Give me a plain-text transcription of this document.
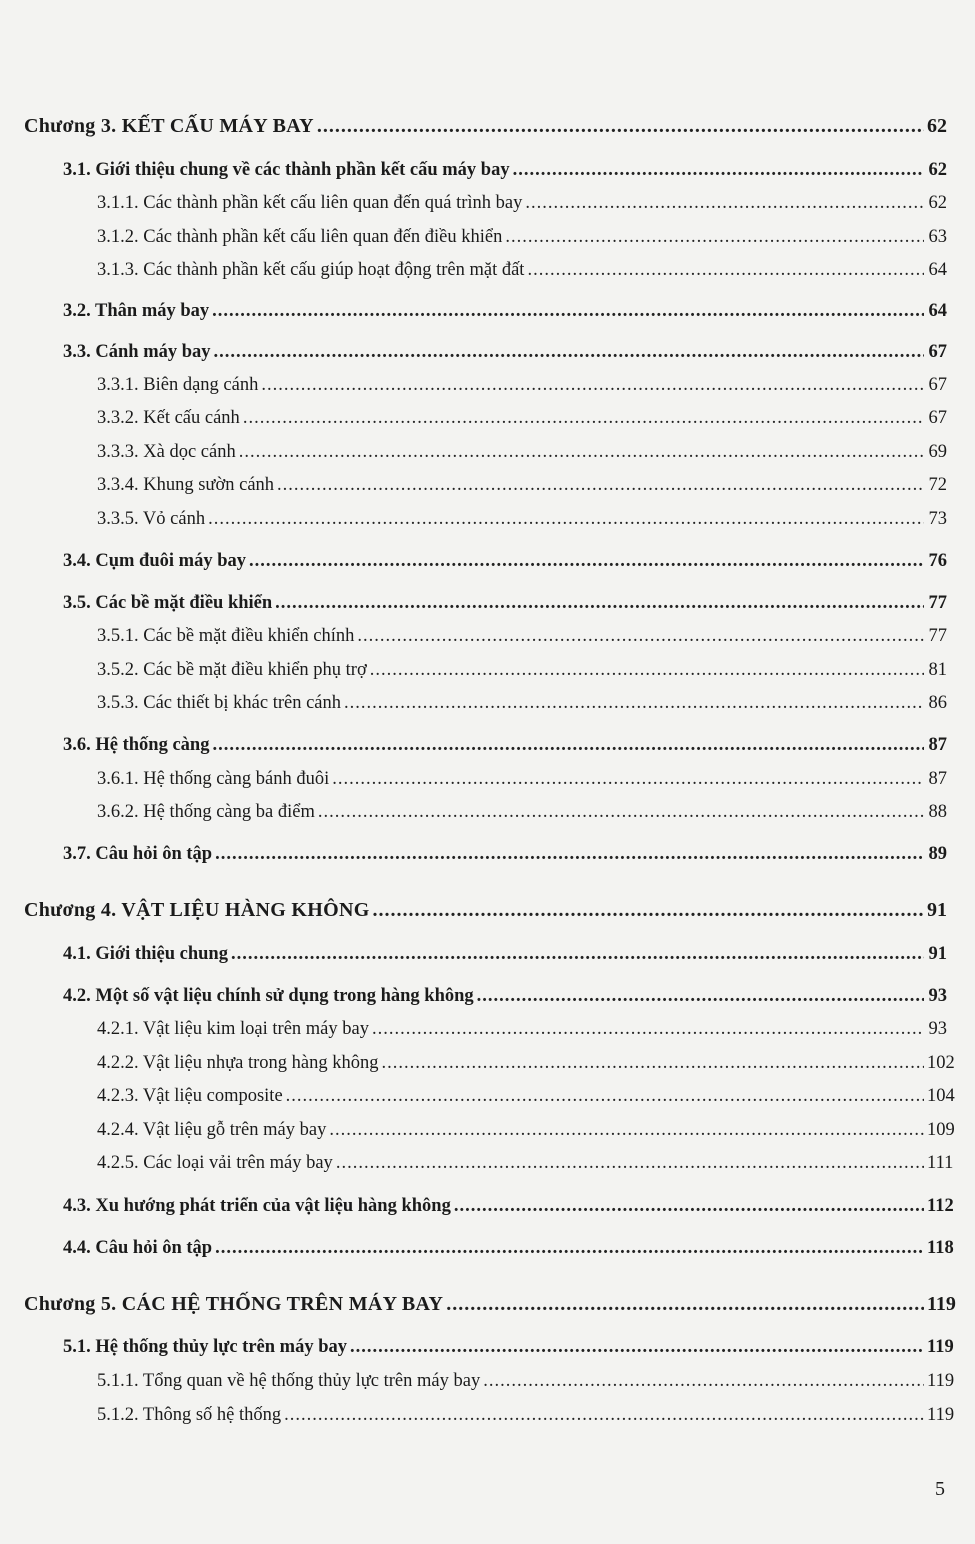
Chương 3. KẾT CẤU MÁY BAY .....	62
3.1. Giới thiệu chung về các thành phần kết cấu máy bay .....	62
3.1.1. Các thành phần kết cấu liên quan đến quá trình bay .....	62
3.1.2. Các thành phần kết cấu liên quan đến điều khiển .....	63
3.1.3. Các thành phần kết cấu giúp hoạt động trên mặt đất .....	64
3.2. Thân máy bay .....	64
3.3. Cánh máy bay .....	67
3.3.1. Biên dạng cánh .....	67
3.3.2. Kết cấu cánh .....	67
3.3.3. Xà dọc cánh .....	69
3.3.4. Khung sườn cánh .....	72
3.3.5. Vỏ cánh .....	73
3.4. Cụm đuôi máy bay .....	76
3.5. Các bề mặt điều khiển .....	77
3.5.1. Các bề mặt điều khiển chính .....	77
3.5.2. Các bề mặt điều khiển phụ trợ .....	81
3.5.3. Các thiết bị khác trên cánh .....	86
3.6. Hệ thống càng .....	87
3.6.1. Hệ thống càng bánh đuôi .....	87
3.6.2. Hệ thống càng ba điểm .....	88
3.7. Câu hỏi ôn tập .....	89
Chương 4. VẬT LIỆU HÀNG KHÔNG .....	91
4.1. Giới thiệu chung .....	91
4.2. Một số vật liệu chính sử dụng trong hàng không .....	93
4.2.1. Vật liệu kim loại trên máy bay .....	93
4.2.2. Vật liệu nhựa trong hàng không .....	102
4.2.3. Vật liệu composite .....	104
4.2.4. Vật liệu gỗ trên máy bay .....	109
4.2.5. Các loại vải trên máy bay .....	111
4.3. Xu hướng phát triển của vật liệu hàng không .....	112
4.4. Câu hỏi ôn tập .....	118
Chương 5. CÁC HỆ THỐNG TRÊN MÁY BAY .....	119
5.1. Hệ thống thủy lực trên máy bay .....	119
5.1.1. Tổng quan về hệ thống thủy lực trên máy bay .....	119
5.1.2. Thông số hệ thống .....	119
5
